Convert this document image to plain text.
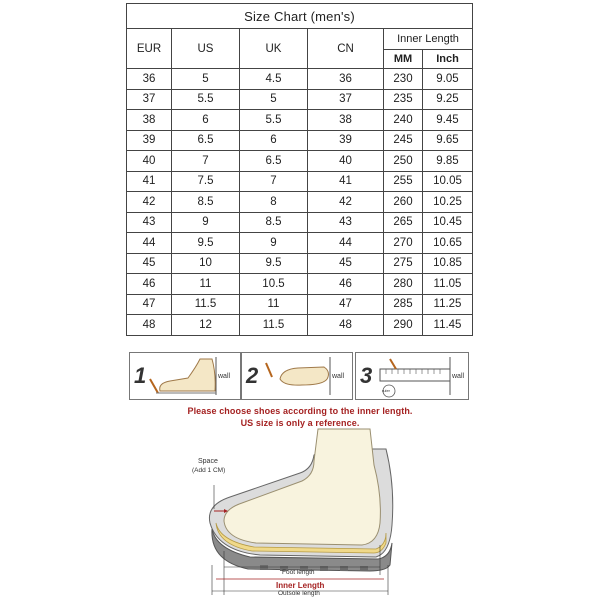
Size Chart (men's)					
EUR	US	UK	CN	Inner Length	
				MM	Inch
36	5	4.5	36	230	9.05
37	5.5	5	37	235	9.25
38	6	5.5	38	240	9.45
39	6.5	6	39	245	9.65
40	7	6.5	40	250	9.85
41	7.5	7	41	255	10.05
42	8.5	8	42	260	10.25
43	9	8.5	43	265	10.45
44	9.5	9	44	270	10.65
45	10	9.5	45	275	10.85
46	11	10.5	46	280	11.05
47	11.5	11	47	285	11.25
48	12	11.5	48	290	11.45
1	wall 2	wall 3
ruler
wall
Please choose shoes according to the inner length.
US size is only a reference.
Space
(Add 1 CM)
Foot length
Inner Length
Outsole length
